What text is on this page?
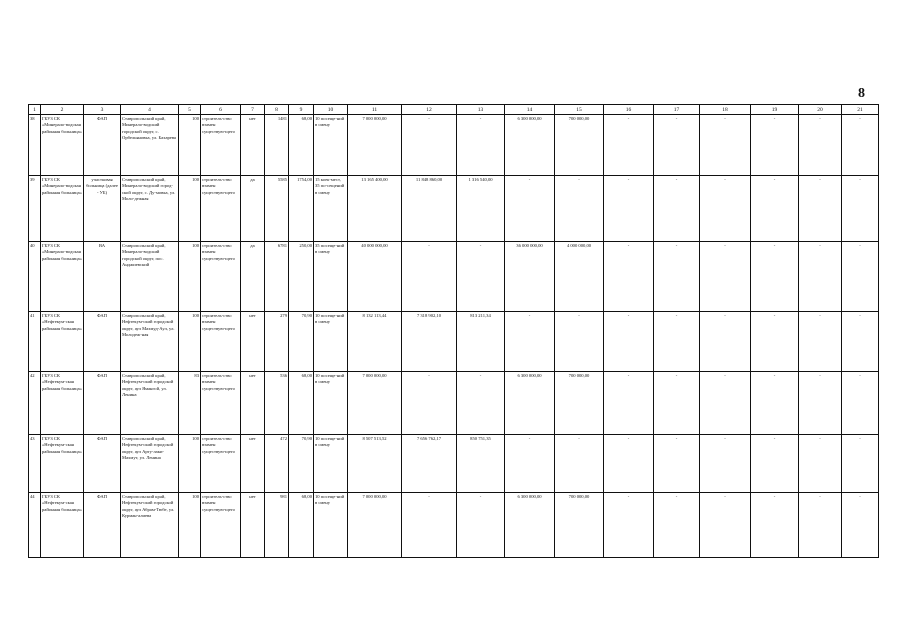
8
1	2	3	4	5	6	7	8	9	10	11	12	13	14	15	16	17	18	19	20	21
38	ГБУЗ СК «Минерало-водская районная больница»	ФАП	Ставропольский край, Минерало-водский городской округ, с. Орбельяновка, ул. Бахарева	100	строитель-ство взамен существую-щего	нет	1481	68,00	10 посеще-ний в смену	7 000 000,00	-	-	6 300 000,00	700 000,00	-	-	-	-	-	-
39	ГБУЗ СК «Минерало-водская районная больница»	участковая больница (далее - УБ)	Ставропольский край, Минерало-водский город-ской округ, с. Ду-мовка, ул. Моло-дежная	100	строитель-ство взамен существую-щего	да	5585	1754,00	15 коек-мест, 35 по-сещений в смену	13 165 400,00	11 848 860,00	1 316 540,00	-	-	-	-	-	-	-	-
40	ГБУЗ СК «Минерало-водская районная больница»	ВА	Ставропольский край, Минерало-водский городской округ, пос. Анджиевский	100	строитель-ство взамен существую-щего	да	6781	250,00	35 посеще-ний в смену	40 000 000,00	-	-	36 000 000,00	4 000 000,00	-	-	-	-	-	-
41	ГБУЗ СК «Нефтекум-ская районная больница»	ФАП	Ставропольский край, Нефтекум-ский городской округ, аул Махмуд-Аул, ул. Молодеж-ная	100	строитель-ство взамен существую-щего	нет	279	70,90	10 посеще-ний в смену	8 132 113,44	7 318 902,10	813 211,34	-	-	-	-	-	-	-	-
42	ГБУЗ СК «Нефтекум-ская районная больница»	ФАП	Ставропольский край, Нефтекум-ский городской округ, аул Ямангой, ул. Ленина	83	строитель-ство взамен существую-щего	нет	536	68,00	10 посеще-ний в смену	7 000 000,00	-	-	6 300 000,00	700 000,00	-	-	-	-	-	-
43	ГБУЗ СК «Нефтекум-ская районная больница»	ФАП	Ставропольский край, Нефтекум-ский городской округ, аул Арту-лаки-Махмут, ул. Ленина	100	строитель-ство взамен существую-щего	нет	472	70,90	10 посеще-ний в смену	8 507 513,52	7 656 762,17	850 751,35	-	-	-	-	-	-	-	-
44	ГБУЗ СК «Нефтекум-ская районная больница»	ФАП	Ставропольский край, Нефтекум-ский городской округ, аул Абрам-Тюбе, ул. Курман-алиева	100	строитель-ство взамен существую-щего	нет	981	68,00	10 посеще-ний в смену	7 000 000,00	-	-	6 300 000,00	700 000,00	-	-	-	-	-	-
